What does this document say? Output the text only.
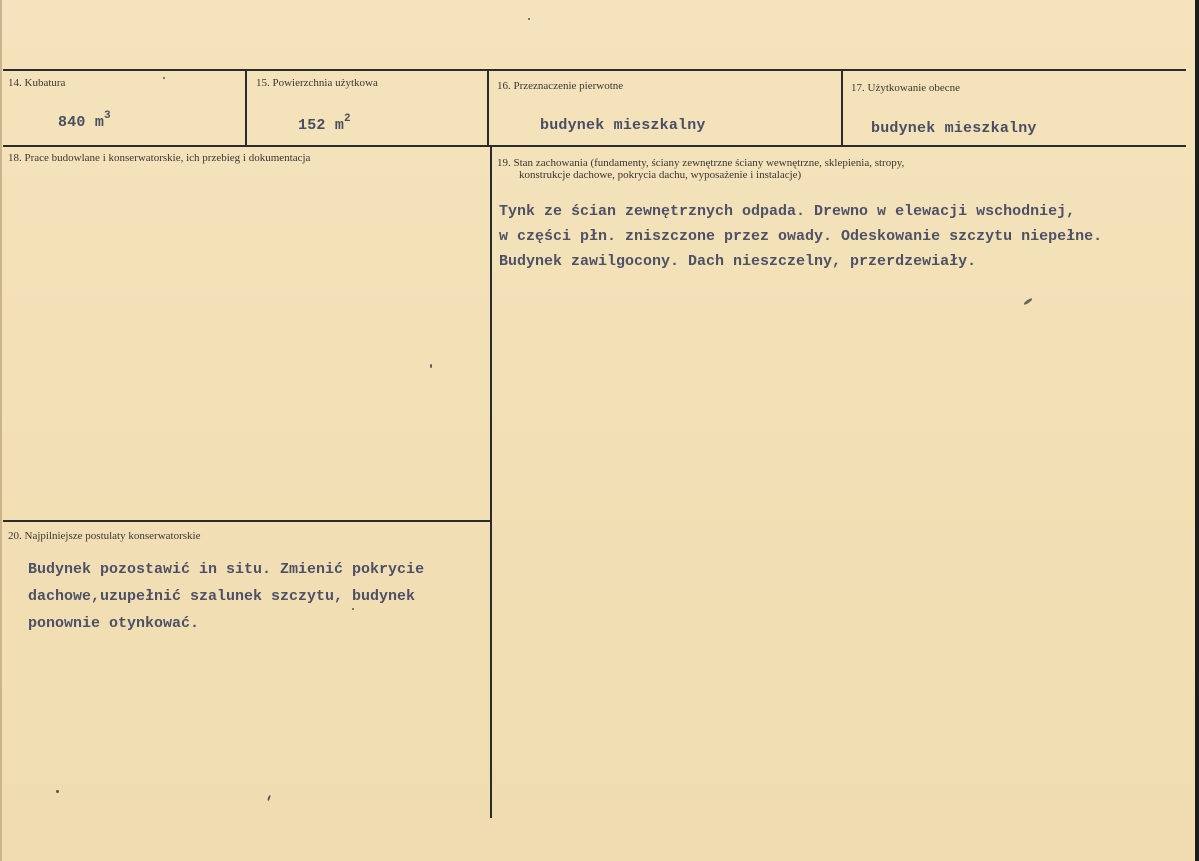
14. Kubatura
840 $m^3$
15. Powierzchnia użytkowa
152 $m^2$
16. Przeznaczenie pierwotne
budynek mieszkalny
17. Użytkowanie obecne
budynek mieszkalny
18. Prace budowlane i konserwatorskie, ich przebieg i dokumentacja	19. Stan zachowania (fundamenty, ściany zewnętrzne ściany wewnętrzne, sklepienia, stropy,
konstrukcje dachowe, pokrycia dachu, wyposażenie i instalacje)
Tynk ze ścian zewnętrznych odpada. Drewno w elewacji wschodniej,
w części płn. zniszczone przez owady. Odeskowanie szczytu niepełne.
Budynek zawilgocony. Dach nieszczelny, przerdzewiały.
20. Najpilniejsze postulaty konserwatorskie
Budynek pozostawić in situ. Zmienić pokrycie
dachowe,uzupełnić szalunek szczytu, budynek
ponownie otynkować.
